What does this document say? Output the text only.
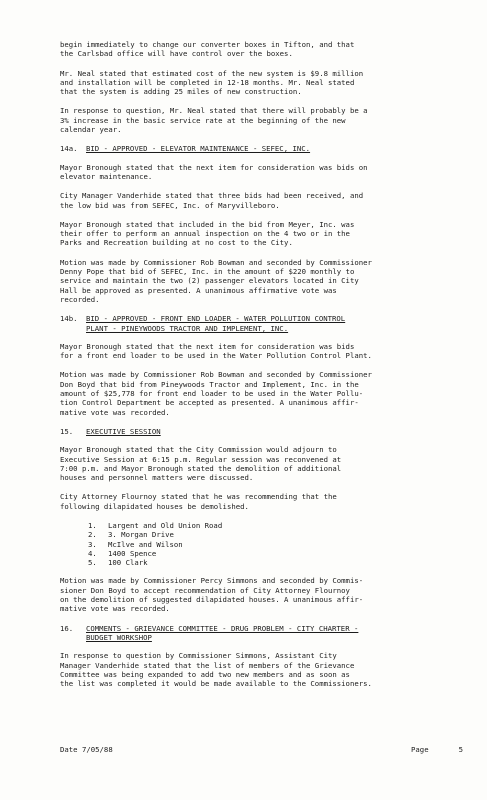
begin immediately to change our converter boxes in Tifton, and that
the Carlsbad office will have control over the boxes.

Mr. Neal stated that estimated cost of the new system is $9.8 million
and installation will be completed in 12-18 months. Mr. Neal stated
that the system is adding 25 miles of new construction.

In response to question, Mr. Neal stated that there will probably be a
3% increase in the basic service rate at the beginning of the new
calendar year.

14a.	BID - APPROVED - ELEVATOR MAINTENANCE - SEFEC, INC.

Mayor Bronough stated that the next item for consideration was bids on
elevator maintenance.

City Manager Vanderhide stated that three bids had been received, and
the low bid was from SEFEC, Inc. of Maryvilleboro.

Mayor Bronough stated that included in the bid from Meyer, Inc. was
their offer to perform an annual inspection on the 4 two or in the
Parks and Recreation building at no cost to the City.

Motion was made by Commissioner Rob Bowman and seconded by Commissioner
Denny Pope that bid of SEFEC, Inc. in the amount of $220 monthly to
service and maintain the two (2) passenger elevators located in City
Hall be approved as presented. A unanimous affirmative vote was
recorded.

14b.	BID - APPROVED - FRONT END LOADER - WATER POLLUTION CONTROL
PLANT - PINEYWOODS TRACTOR AND IMPLEMENT, INC.

Mayor Bronough stated that the next item for consideration was bids
for a front end loader to be used in the Water Pollution Control Plant.

Motion was made by Commissioner Rob Bowman and seconded by Commissioner
Don Boyd that bid from Pineywoods Tractor and Implement, Inc. in the
amount of $25,778 for front end loader to be used in the Water Pollu-
tion Control Department be accepted as presented. A unanimous affir-
mative vote was recorded.

15.	EXECUTIVE SESSION

Mayor Bronough stated that the City Commission would adjourn to
Executive Session at 6:15 p.m. Regular session was reconvened at
7:00 p.m. and Mayor Bronough stated the demolition of additional
houses and personnel matters were discussed.

City Attorney Flournoy stated that he was recommending that the
following dilapidated houses be demolished.

1.	Largent and Old Union Road
2.	3. Morgan Drive
3.	McIlve and Wilson
4.	1400 Spence
5.	100 Clark

Motion was made by Commissioner Percy Simmons and seconded by Commis-
sioner Don Boyd to accept recommendation of City Attorney Flournoy
on the demolition of suggested dilapidated houses. A unanimous affir-
mative vote was recorded.

16.	COMMENTS - GRIEVANCE COMMITTEE - DRUG PROBLEM - CITY CHARTER -
BUDGET WORKSHOP

In response to question by Commissioner Simmons, Assistant City
Manager Vanderhide stated that the list of members of the Grievance
Committee was being expanded to add two new members and as soon as
the list was completed it would be made available to the Commissioners.

Date 7/05/88	Page	5
